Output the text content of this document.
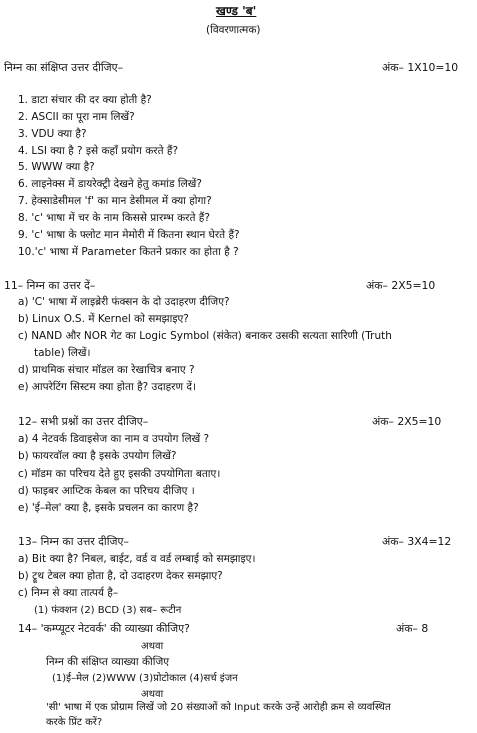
खण्ड 'ब'
(विवरणात्मक)
निम्न का संक्षिप्त उत्तर दीजिए–	अंक– 1X10=10
1. डाटा संचार की दर क्या होती है?
2. ASCII का पूरा नाम लिखें?
3. VDU क्या है?
4. LSI क्या है ? इसे कहाँ प्रयोग करते हैं?
5. WWW क्या है?
6. लाइनेक्स में डायरेक्ट्री देखने हेतु कमांड लिखें?
7. हेक्साडेसीमल 'f' का मान डेसीमल में क्या होगा?
8. 'c' भाषा में चर के नाम किससे प्रारम्भ करते हैं?
9. 'c' भाषा के फ्लोट मान मेमोरी में कितना स्थान घेरते हैं?
10.'c' भाषा में Parameter कितने प्रकार का होता है ?
11– निम्न का उत्तर दें–	अंक– 2X5=10
a) 'C' भाषा में लाइब्रेरी फंक्सन के दो उदाहरण दीजिए?
b) Linux O.S. में Kernel को समझाइए?
c) NAND और NOR गेट का Logic Symbol (संकेत) बनाकर उसकी सत्यता सारिणी (Truth
table) लिखें।
d) प्राथमिक संचार मॉडल का रेखाचित्र बनाए ?
e) आपरेटिंग सिस्टम क्या होता है? उदाहरण दें।
12– सभी प्रश्नों का उत्तर दीजिए–	अंक– 2X5=10
a) 4 नेटवर्क डिवाइसेज का नाम व उपयोग लिखें ?
b) फायरवॉल क्या है इसके उपयोग लिखें?
c) मॉडम का परिचय देते हुए इसकी उपयोगिता बताए।
d) फाइबर आप्टिक केबल का परिचय दीजिए ।
e) 'ई–मेल' क्या है, इसके प्रचलन का कारण है?
13– निम्न का उत्तर दीजिए–	अंक– 3X4=12
a) Bit क्या है? निबल, बाईट, वर्ड व वर्ड लम्बाई को समझाइए।
b) ट्रूथ टेबल क्या होता है, दो उदाहरण देकर समझाए?
c) निम्न से क्या तात्पर्य है–
(1) फंक्शन (2) BCD (3) सब– रूटीन
14– 'कम्प्यूटर नेटवर्क' की व्याख्या कीजिए?	अंक– 8
अथवा
निम्न की संक्षिप्त व्याख्या कीजिए
(1)ई–मेल (2)WWW (3)प्रोटोकाल (4)सर्च इंजन
अथवा
'सी' भाषा में एक प्रोग्राम लिखें जो 20 संख्याओं को Input करके उन्हें आरोही क्रम से व्यवस्थित
करके प्रिंट करें?
